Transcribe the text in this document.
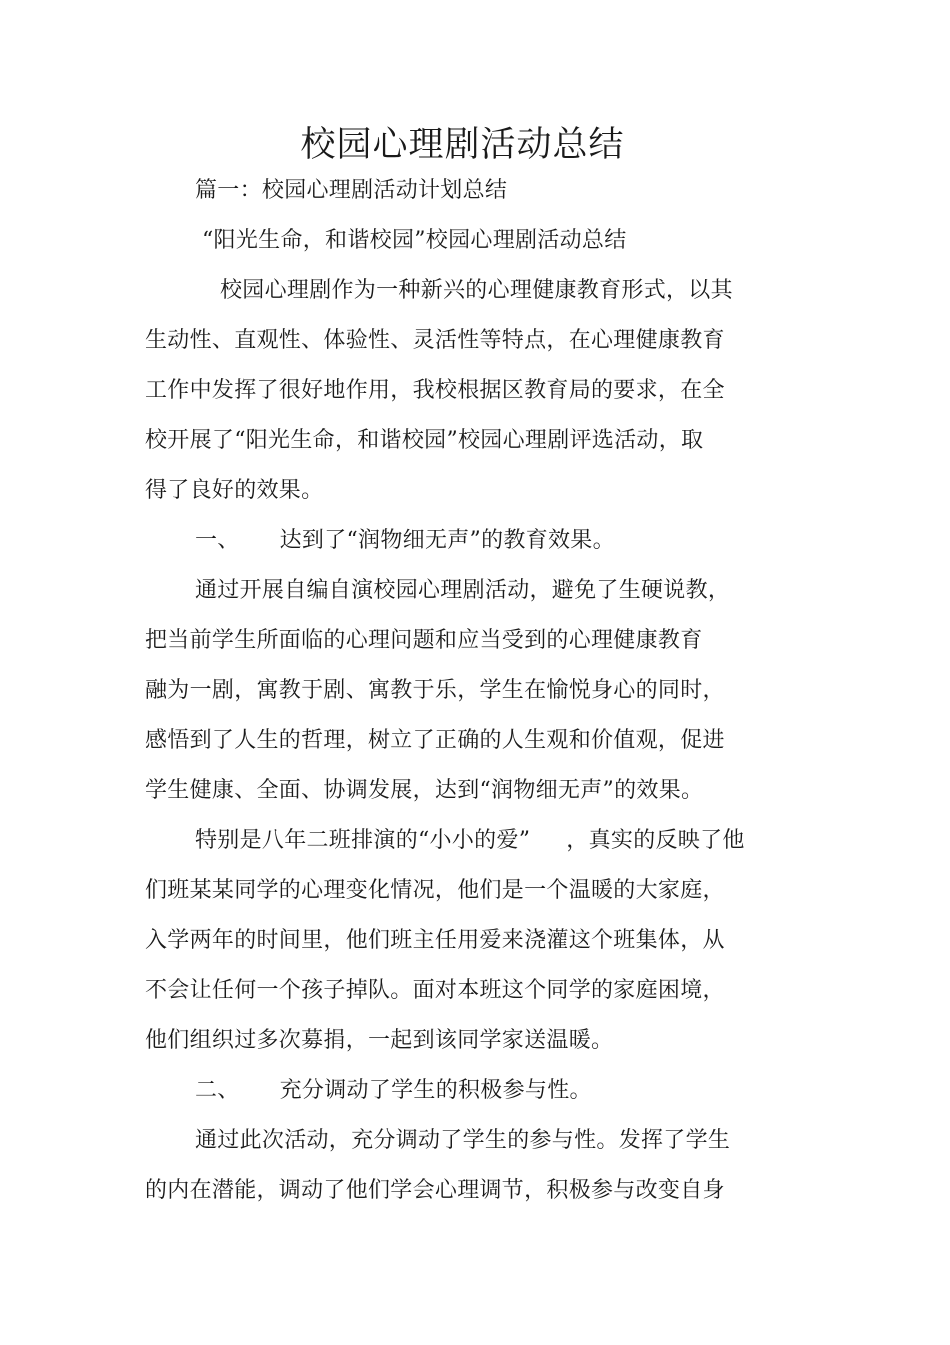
校园心理剧活动总结

篇一：校园心理剧活动计划总结

“阳光生命，和谐校园”校园心理剧活动总结

校园心理剧作为一种新兴的心理健康教育形式，以其

生动性、直观性、体验性、灵活性等特点，在心理健康教育

工作中发挥了很好地作用，我校根据区教育局的要求，在全

校开展了“阳光生命，和谐校园”校园心理剧评选活动，取

得了良好的效果。

一、 达到了“润物细无声”的教育效果。

通过开展自编自演校园心理剧活动，避免了生硬说教，

把当前学生所面临的心理问题和应当受到的心理健康教育

融为一剧，寓教于剧、寓教于乐，学生在愉悦身心的同时，

感悟到了人生的哲理，树立了正确的人生观和价值观，促进

学生健康、全面、协调发展，达到“润物细无声”的效果。

特别是八年二班排演的“小小的爱” ，真实的反映了他

们班某某同学的心理变化情况，他们是一个温暖的大家庭，

入学两年的时间里，他们班主任用爱来浇灌这个班集体，从

不会让任何一个孩子掉队。面对本班这个同学的家庭困境，

他们组织过多次募捐，一起到该同学家送温暖。

二、 充分调动了学生的积极参与性。

通过此次活动，充分调动了学生的参与性。发挥了学生

的内在潜能，调动了他们学会心理调节，积极参与改变自身
